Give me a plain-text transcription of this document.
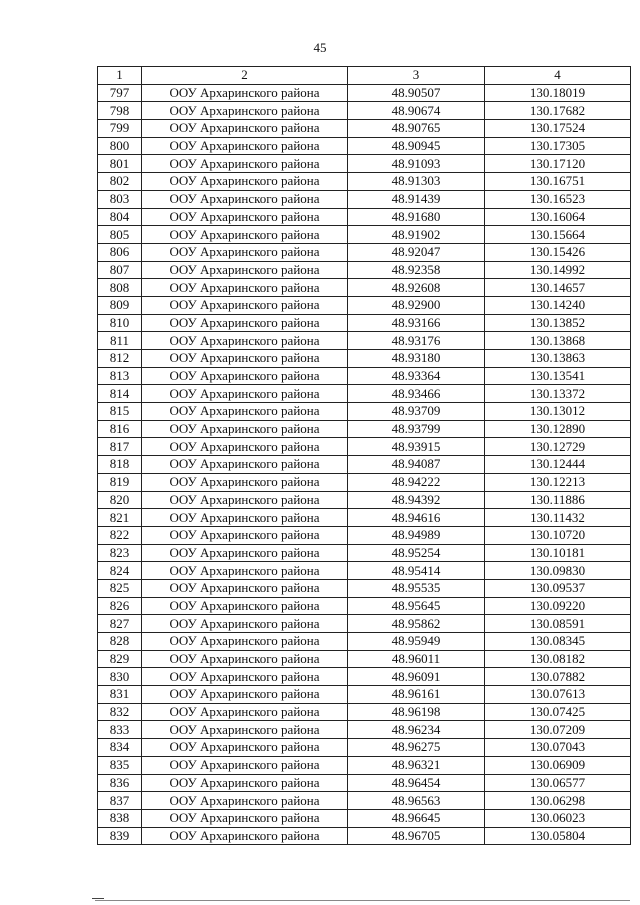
45
1	2	3	4
797	ООУ Архаринского района	48.90507	130.18019
798	ООУ Архаринского района	48.90674	130.17682
799	ООУ Архаринского района	48.90765	130.17524
800	ООУ Архаринского района	48.90945	130.17305
801	ООУ Архаринского района	48.91093	130.17120
802	ООУ Архаринского района	48.91303	130.16751
803	ООУ Архаринского района	48.91439	130.16523
804	ООУ Архаринского района	48.91680	130.16064
805	ООУ Архаринского района	48.91902	130.15664
806	ООУ Архаринского района	48.92047	130.15426
807	ООУ Архаринского района	48.92358	130.14992
808	ООУ Архаринского района	48.92608	130.14657
809	ООУ Архаринского района	48.92900	130.14240
810	ООУ Архаринского района	48.93166	130.13852
811	ООУ Архаринского района	48.93176	130.13868
812	ООУ Архаринского района	48.93180	130.13863
813	ООУ Архаринского района	48.93364	130.13541
814	ООУ Архаринского района	48.93466	130.13372
815	ООУ Архаринского района	48.93709	130.13012
816	ООУ Архаринского района	48.93799	130.12890
817	ООУ Архаринского района	48.93915	130.12729
818	ООУ Архаринского района	48.94087	130.12444
819	ООУ Архаринского района	48.94222	130.12213
820	ООУ Архаринского района	48.94392	130.11886
821	ООУ Архаринского района	48.94616	130.11432
822	ООУ Архаринского района	48.94989	130.10720
823	ООУ Архаринского района	48.95254	130.10181
824	ООУ Архаринского района	48.95414	130.09830
825	ООУ Архаринского района	48.95535	130.09537
826	ООУ Архаринского района	48.95645	130.09220
827	ООУ Архаринского района	48.95862	130.08591
828	ООУ Архаринского района	48.95949	130.08345
829	ООУ Архаринского района	48.96011	130.08182
830	ООУ Архаринского района	48.96091	130.07882
831	ООУ Архаринского района	48.96161	130.07613
832	ООУ Архаринского района	48.96198	130.07425
833	ООУ Архаринского района	48.96234	130.07209
834	ООУ Архаринского района	48.96275	130.07043
835	ООУ Архаринского района	48.96321	130.06909
836	ООУ Архаринского района	48.96454	130.06577
837	ООУ Архаринского района	48.96563	130.06298
838	ООУ Архаринского района	48.96645	130.06023
839	ООУ Архаринского района	48.96705	130.05804
